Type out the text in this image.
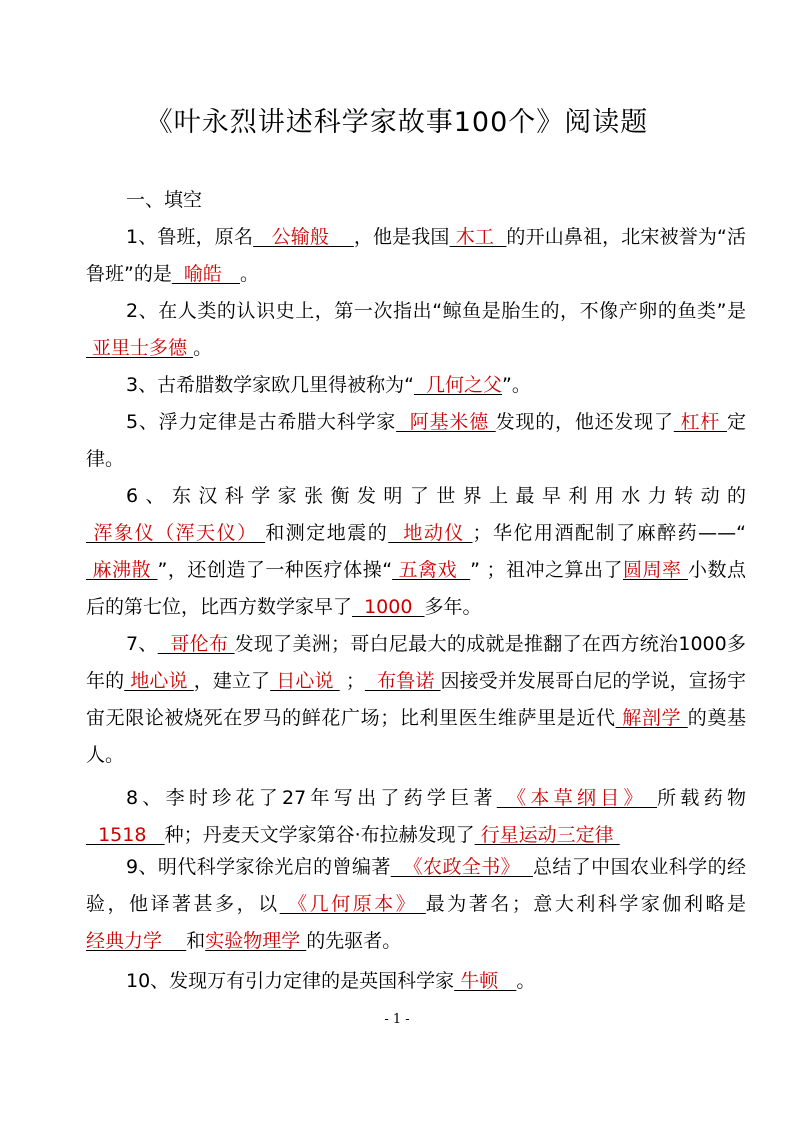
《叶永烈讲述科学家故事100个》阅读题
一、填空
1、鲁班，原名   公输般    ，他是我国 木工  的开山鼻祖，北宋被誉为“活鲁班”的是  喻皓   。
2、在人类的认识史上，第一次指出“鲸鱼是胎生的，不像产卵的鱼类”是  亚里士多德 。
3、古希腊数学家欧几里得被称为“  几何之父”。
5、浮力定律是古希腊大科学家  阿基米德 发现的，他还发现了 杠杆 定律。
6、东汉科学家张衡发明了世界上最早利用水力转动的 浑象仪（浑天仪） 和测定地震的  地动仪 ；华佗用酒配制了麻醉药——“ 麻沸散 ”，还创造了一种医疗体操“ 五禽戏  ” ；祖冲之算出了圆周率 小数点后的第七位，比西方数学家早了  1000  多年。
7、  哥伦布 发现了美洲；哥白尼最大的成就是推翻了在西方统治1000多年的 地心说 ，建立了 日心说  ；  布鲁诺 因接受并发展哥白尼的学说，宣扬宇宙无限论被烧死在罗马的鲜花广场；比利里医生维萨里是近代 解剖学 的奠基人。
8、李时珍花了27年写出了药学巨著 《本草纲目》 所载药物  1518   种；丹麦天文学家第谷·布拉赫发现了 行星运动三定律
9、明代科学家徐光启的曾编著  《农政全书》  总结了中国农业科学的经验，他译著甚多，以 《几何原本》 最为著名；意大利科学家伽利略是经典力学    和实验物理学 的先驱者。
10、发现万有引力定律的是英国科学家 牛顿   。
- 1 -
